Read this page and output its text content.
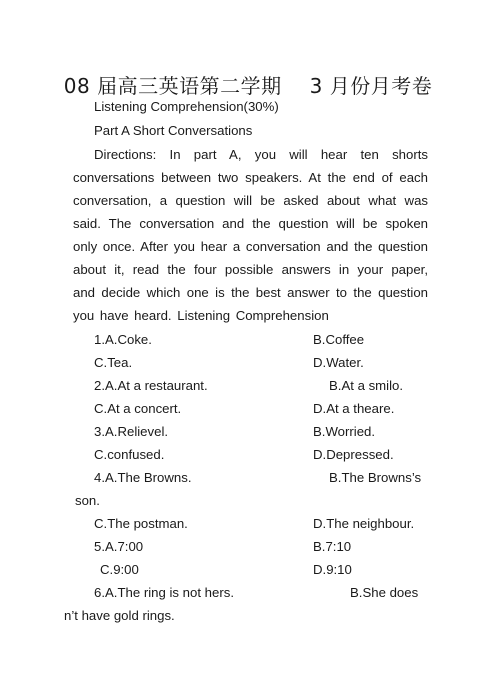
08 届高三英语第二学期 3 月份月考卷
Listening Comprehension(30%)
Part A Short Conversations
Directions: In part A, you will hear ten shorts conversations between two speakers. At the end of each conversation, a question will be asked about what was said. The conversation and the question will be spoken only once. After you hear a conversation and the question about it, read the four possible answers in your paper, and decide which one is the best answer to the question you have heard. Listening Comprehension
1.A.Coke.	B.Coffee
C.Tea.	D.Water.
2.A.At a restaurant.	B.At a smilo.
C.At a concert.	D.At a theare.
3.A.Relievel.	B.Worried.
C.confused.	D.Depressed.
4.A.The Browns.	B.The Browns’s
son.
C.The postman.	D.The neighbour.
5.A.7:00	B.7:10
C.9:00	D.9:10
6.A.The ring is not hers.	B.She does
n’t have gold rings.
